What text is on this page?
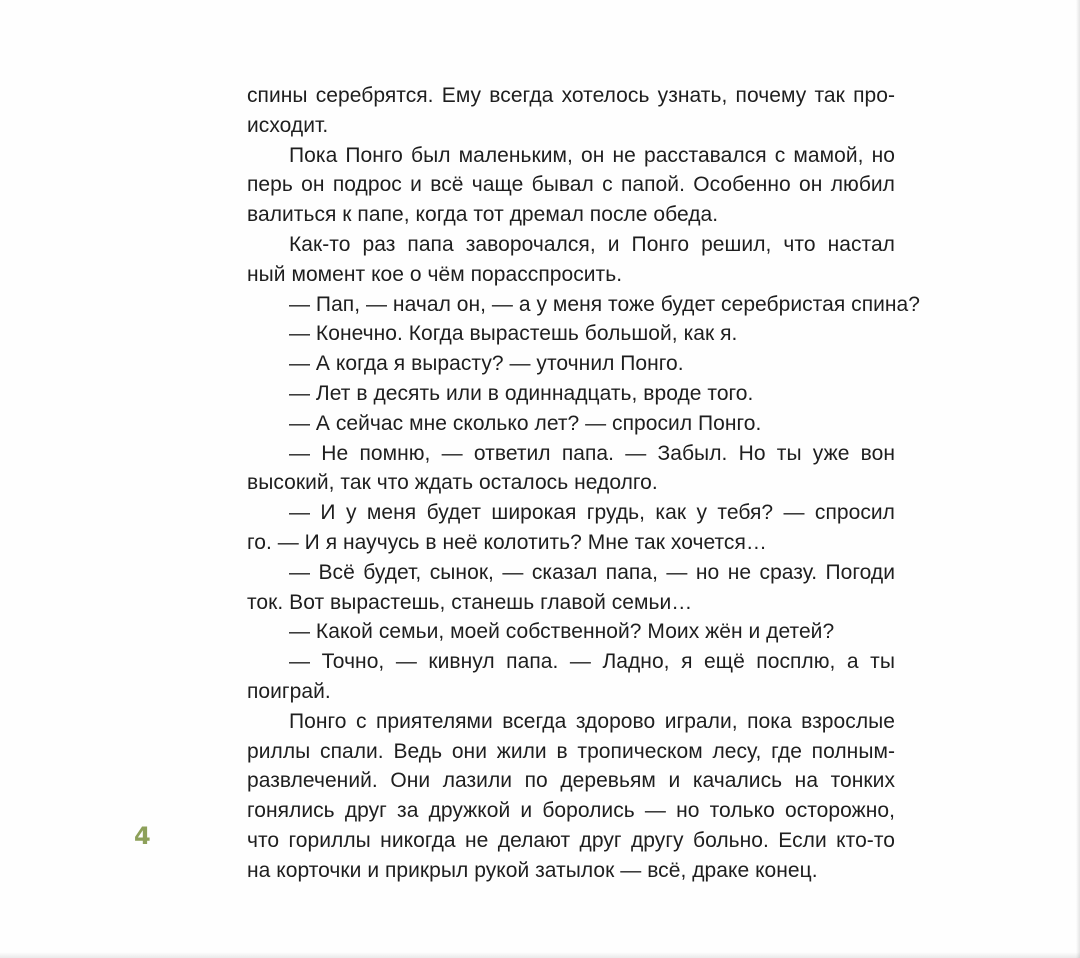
спины серебрятся. Ему всегда хотелось узнать, почему так про-
исходит.
Пока Понго был маленьким, он не расставался с мамой, но
перь он подрос и всё чаще бывал с папой. Особенно он любил
валиться к папе, когда тот дремал после обеда.
Как-то раз папа заворочался, и Понго решил, что настал
ный момент кое о чём порасспросить.
— Пап, — начал он, — а у меня тоже будет серебристая спина?
— Конечно. Когда вырастешь большой, как я.
— А когда я вырасту? — уточнил Понго.
— Лет в десять или в одиннадцать, вроде того.
— А сейчас мне сколько лет? — спросил Понго.
— Не помню, — ответил папа. — Забыл. Но ты уже вон
высокий, так что ждать осталось недолго.
— И у меня будет широкая грудь, как у тебя? — спросил
го. — И я научусь в неё колотить? Мне так хочется…
— Всё будет, сынок, — сказал папа, — но не сразу. Погоди
ток. Вот вырастешь, станешь главой семьи…
— Какой семьи, моей собственной? Моих жён и детей?
— Точно, — кивнул папа. — Ладно, я ещё посплю, а ты
поиграй.
Понго с приятелями всегда здорово играли, пока взрослые
риллы спали. Ведь они жили в тропическом лесу, где полным-
развлечений. Они лазили по деревьям и качались на тонких
гонялись друг за дружкой и боролись — но только осторожно,
что гориллы никогда не делают друг другу больно. Если кто-то
на корточки и прикрыл рукой затылок — всё, драке конец.
4
